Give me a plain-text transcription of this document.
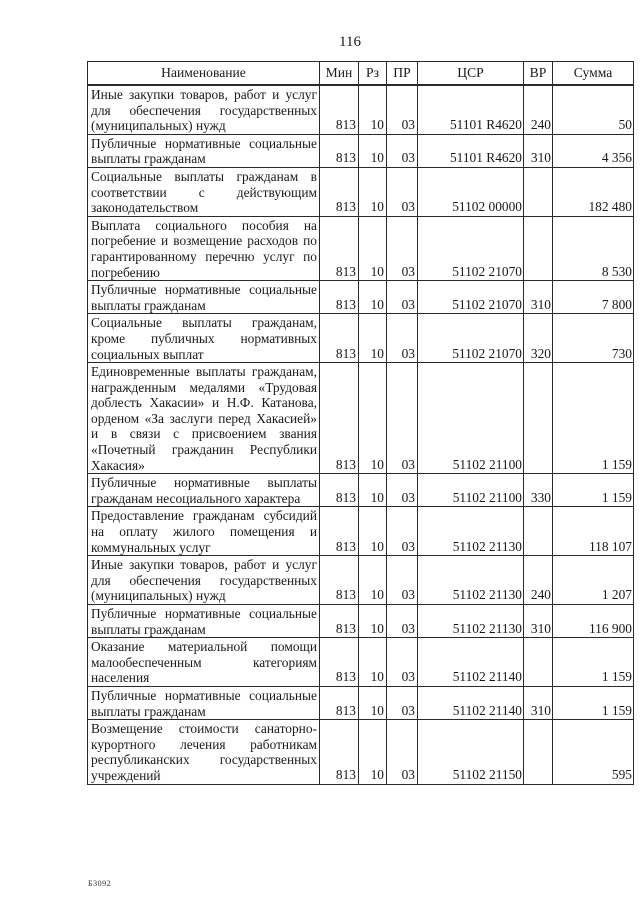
116
Наименование	Мин	Рз	ПР	ЦСР	ВР	Сумма
Иные закупки товаров, работ и услуг для обеспечения государственных (муниципальных) нужд	813	10	03	51101 R4620	240	50
Публичные нормативные социальные выплаты гражданам	813	10	03	51101 R4620	310	4 356
Социальные выплаты гражданам в соответствии с действующим законодательством	813	10	03	51102 00000		182 480
Выплата социального пособия на погребение и возмещение расходов по гарантированному перечню услуг по погребению	813	10	03	51102 21070		8 530
Публичные нормативные социальные выплаты гражданам	813	10	03	51102 21070	310	7 800
Социальные выплаты гражданам, кроме публичных нормативных социальных выплат	813	10	03	51102 21070	320	730
Единовременные выплаты гражданам, награжденным медалями «Трудовая доблесть Хакасии» и Н.Ф. Катанова, орденом «За заслуги перед Хакасией» и в связи с присвоением звания «Почетный гражданин Республики Хакасия»	813	10	03	51102 21100		1 159
Публичные нормативные выплаты гражданам несоциального характера	813	10	03	51102 21100	330	1 159
Предоставление гражданам субсидий на оплату жилого помещения и коммунальных услуг	813	10	03	51102 21130		118 107
Иные закупки товаров, работ и услуг для обеспечения государственных (муниципальных) нужд	813	10	03	51102 21130	240	1 207
Публичные нормативные социальные выплаты гражданам	813	10	03	51102 21130	310	116 900
Оказание материальной помощи малообеспеченным категориям населения	813	10	03	51102 21140		1 159
Публичные нормативные социальные выплаты гражданам	813	10	03	51102 21140	310	1 159
Возмещение стоимости санаторно-курортного лечения работникам республиканских государственных учреждений	813	10	03	51102 21150		595
Б3092
